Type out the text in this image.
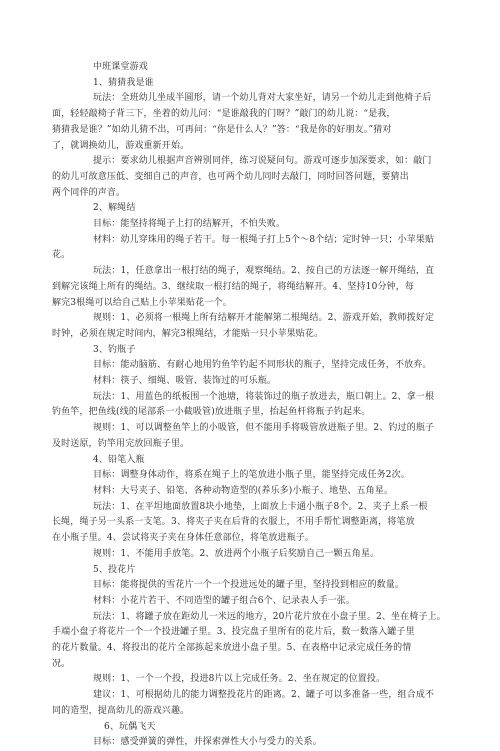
中班课堂游戏
1、猜猜我是谁
玩法：全班幼儿坐成半圆形，请一个幼儿背对大家坐好，请另一个幼儿走到他椅子后
面，轻轻敲椅子背三下，坐着的幼儿问：“是谁敲我的门呀？”敲门的幼儿说：“是我，
猜猜我是谁？”如幼儿猜不出，可再问：“你是什么人？”答：“我是你的好朋友。”猜对
了，就调换幼儿，游戏重新开始。
提示：要求幼儿根据声音辨别同伴，练习说疑问句。游戏可逐步加深要求，如：敲门
的幼儿可故意压低、变细自己的声音，也可两个幼儿同时去敲门，同时回答问题，要猜出
两个同伴的声音。
2、解绳结
目标：能坚持将绳子上打的结解开，不怕失败。
材料：幼儿穿珠用的绳子若干。每一根绳子打上5个～8个结；定时钟一只；小苹果贴
花。
玩法：1，任意拿出一根打结的绳子，观察绳结。2、按自己的方法逐一解开绳结，直
到解完该绳上所有的绳结。3、继续取一根打结的绳子，将绳结解开。4、坚持10分钟，每
解完3根绳可以给自己贴上小苹果贴花一个。
规则：1、必须将一根绳上所有结解开才能解第二根绳结。2、游戏开始，教师拨好定
时钟，必须在规定时间内，解完3根绳结，才能贴一只小苹果贴花。
3、钓瓶子
目标：能动脑筋、有耐心地用钓鱼竿钓起不同形状的瓶子，坚持完成任务，不放弃。
材料：筷子、细绳、吸管、装饰过的可乐瓶。
玩法：1、用蓝色的纸板围一个池塘，将装饰过的瓶子放进去，瓶口朝上。2、拿一根
钓鱼竿，把鱼线(线的尾部系一小截吸管)放进瓶子里，抬起鱼杆将瓶子钓起来。
规则：1、可以调整鱼竿上的小吸管，但不能用手将吸管放进瓶子里。2、钓过的瓶子
及时送原，钓竿用完放回瓶子里。
4、铅笔入瓶
目标：调整身体动作，将系在绳子上的笔放进小瓶子里，能坚持完成任务2次。
材料：大号夹子、铅笔、各种动物造型的(养乐多)小瓶子、地垫、五角星。
玩法：1、在平坦地面放置8块小地垫，上面放上卡通小瓶子8个。2、夹子上系一根
长绳，绳子另一头系一支笔。3、将夹子夹在后背的衣服上，不用手帮忙调整距离，将笔放
在小瓶子里。4、尝试将夹子夹在身体任意部位，将笔放进瓶子。
规则：1、不能用手放笔。2、放进两个小瓶子后奖励自己一颗五角星。
5、投花片
目标：能将提供的雪花片一个一个投进远处的罐子里，坚持投到相应的数量。
材料：小花片若干、不同造型的罐子组合6个、记录表人手一张。
玩法：1、将罐子放在距幼儿一米远的地方，20片花片放在小盘子里。2、坐在椅子上。
手端小盘子将花片一个一个投进罐子里。3、投完盘子里所有的花片后，数一数落入罐子里
的花片数量。4、将投出的花片全部拣起来放进小盘子里。5、在表格中记录完成任务的情
况。
规则：1、一个一个投，投进8片以上完成任务。2、坐在规定的位置投。
建议：1、可根据幼儿的能力调整投花片的距离。2、罐子可以多准备一些，组合成不
同的造型，提高幼儿的游戏兴趣。
6、玩偶飞天
目标：感受弹簧的弹性，并探索弹性大小与受力的关系。
